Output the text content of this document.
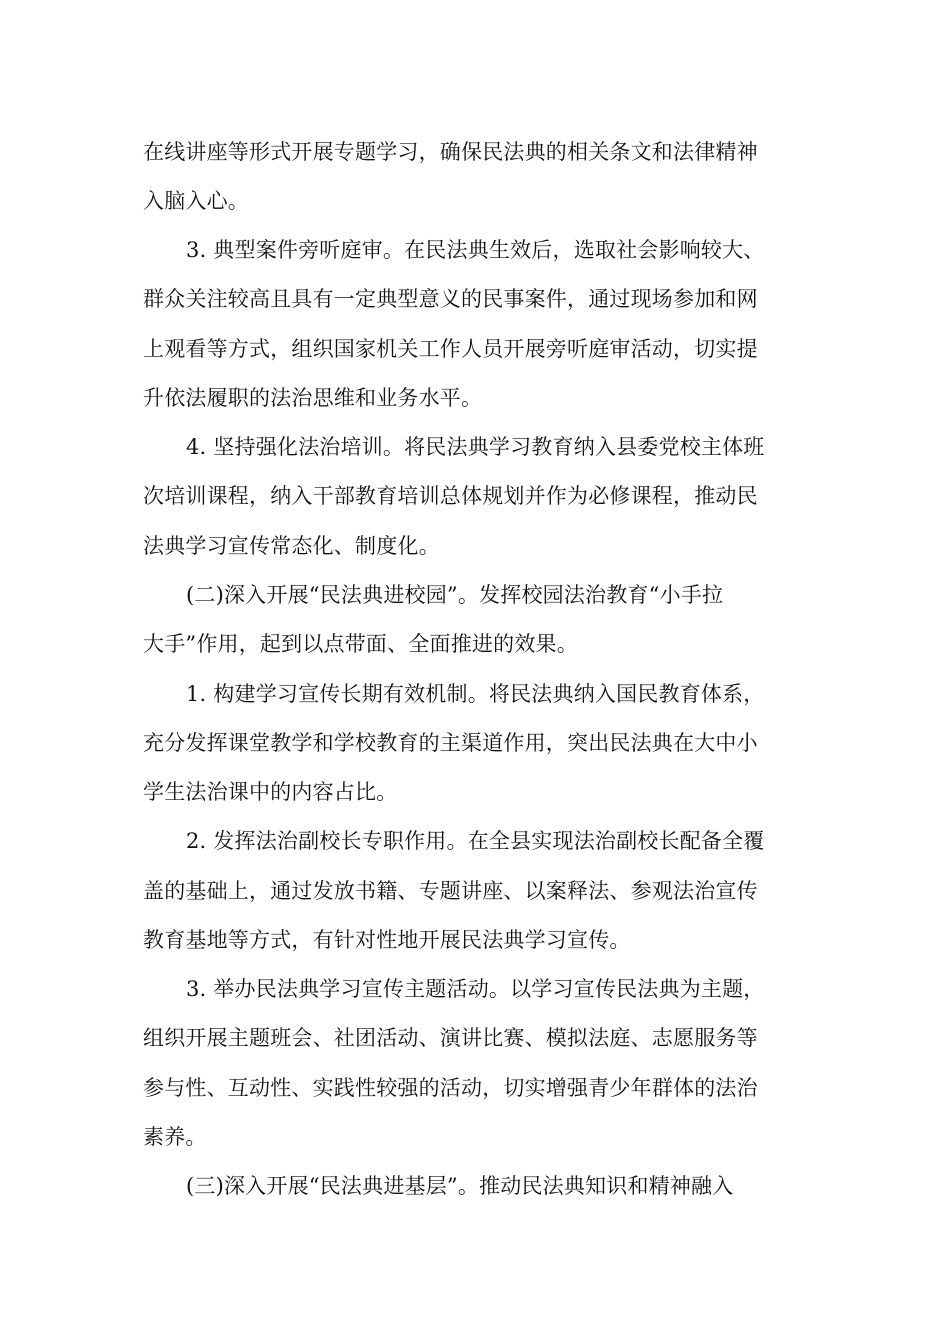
在线讲座等形式开展专题学习，确保民法典的相关条文和法律精神
入脑入心。
3. 典型案件旁听庭审。在民法典生效后，选取社会影响较大、
群众关注较高且具有一定典型意义的民事案件，通过现场参加和网
上观看等方式，组织国家机关工作人员开展旁听庭审活动，切实提
升依法履职的法治思维和业务水平。
4. 坚持强化法治培训。将民法典学习教育纳入县委党校主体班
次培训课程，纳入干部教育培训总体规划并作为必修课程，推动民
法典学习宣传常态化、制度化。
(二)深入开展“民法典进校园”。发挥校园法治教育“小手拉
大手”作用，起到以点带面、全面推进的效果。
1. 构建学习宣传长期有效机制。将民法典纳入国民教育体系，
充分发挥课堂教学和学校教育的主渠道作用，突出民法典在大中小
学生法治课中的内容占比。
2. 发挥法治副校长专职作用。在全县实现法治副校长配备全覆
盖的基础上，通过发放书籍、专题讲座、以案释法、参观法治宣传
教育基地等方式，有针对性地开展民法典学习宣传。
3. 举办民法典学习宣传主题活动。以学习宣传民法典为主题，
组织开展主题班会、社团活动、演讲比赛、模拟法庭、志愿服务等
参与性、互动性、实践性较强的活动，切实增强青少年群体的法治
素养。
(三)深入开展“民法典进基层”。推动民法典知识和精神融入
